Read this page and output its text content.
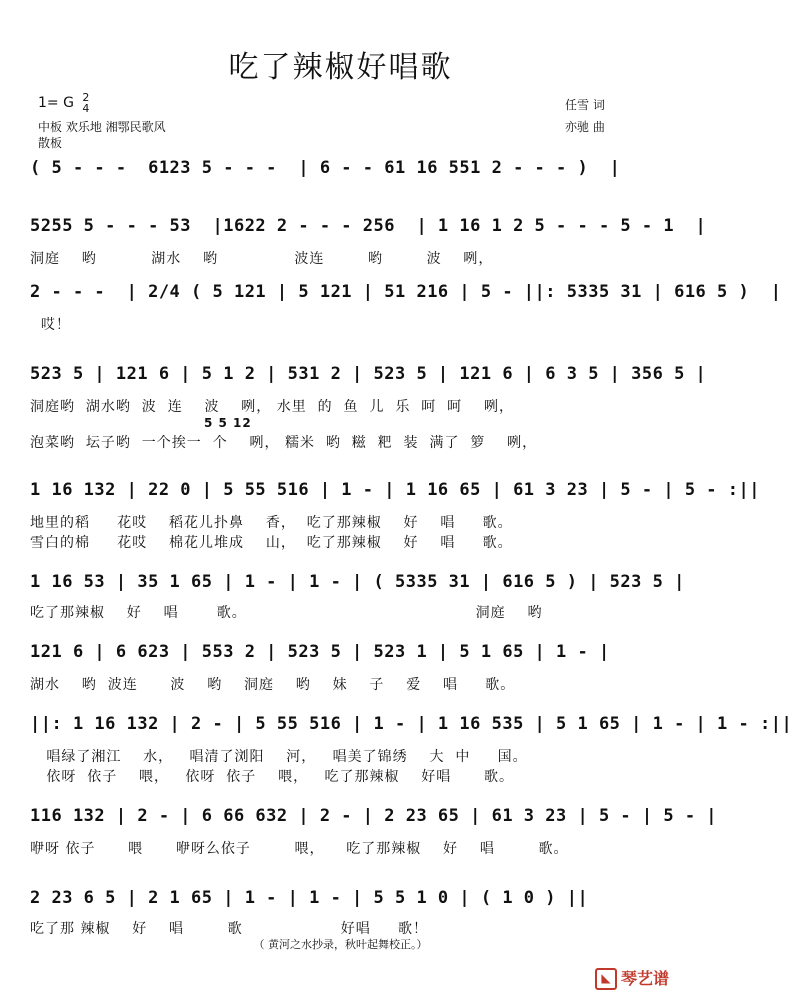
吃了辣椒好唱歌
1= G 2
4
中板 欢乐地 湘鄂民歌风
散板
任雪 词
亦驰 曲
( 5 - - -  6123 5 - - -  | 6 - - 61 16 551 2 - - - )  |
5255 5 - - - 53  |1622 2 - - - 256  | 1 16 1 2 5 - - - 5 - 1  |
洞庭    哟          湖水    哟              波连        哟        波    咧，
2 - - -  | 2/4 ( 5 121 | 5 121 | 51 216 | 5 - ||: 5335 31 | 616 5 )  |
哎！
523 5 | 121 6 | 5 1 2 | 531 2 | 523 5 | 121 6 | 6 3 5 | 356 5 |
洞庭哟  湖水哟  波  连    波    咧， 水里  的  鱼  儿  乐  呵  呵    咧，
5 5 12
泡菜哟  坛子哟  一个挨一  个    咧， 糯米  哟  糍  粑  装  满了  箩    咧，
1 16 132 | 22 0 | 5 55 516 | 1 - | 1 16 65 | 61 3 23 | 5 - | 5 - :||
地里的稻     花哎    稻花儿扑鼻    香，  吃了那辣椒    好    唱     歌。
雪白的棉     花哎    棉花儿堆成    山，  吃了那辣椒    好    唱     歌。
1 16 53 | 35 1 65 | 1 - | 1 - | ( 5335 31 | 616 5 ) | 523 5 |
吃了那辣椒    好    唱       歌。                                          洞庭    哟
121 6 | 6 623 | 553 2 | 523 5 | 523 1 | 5 1 65 | 1 - |
湖水    哟  波连      波    哟    洞庭    哟    妹    子    爱    唱     歌。
||: 1 16 132 | 2 - | 5 55 516 | 1 - | 1 16 535 | 5 1 65 | 1 - | 1 - :||
唱绿了湘江    水，   唱清了浏阳    河，   唱美了锦绣    大  中     国。
依呀  依子    喂，   依呀  依子    喂，   吃了那辣椒    好唱      歌。
116 132 | 2 - | 6 66 632 | 2 - | 2 23 65 | 61 3 23 | 5 - | 5 - |
咿呀 依子      喂      咿呀么依子        喂，    吃了那辣椒    好    唱        歌。
2 23 6 5 | 2 1 65 | 1 - | 1 - | 5 5 1 0 | ( 1 0 ) ||
吃了那 辣椒    好    唱        歌                  好唱     歌！
（ 黄河之水抄录，秋叶起舞校正。）
◣ 琴艺谱
